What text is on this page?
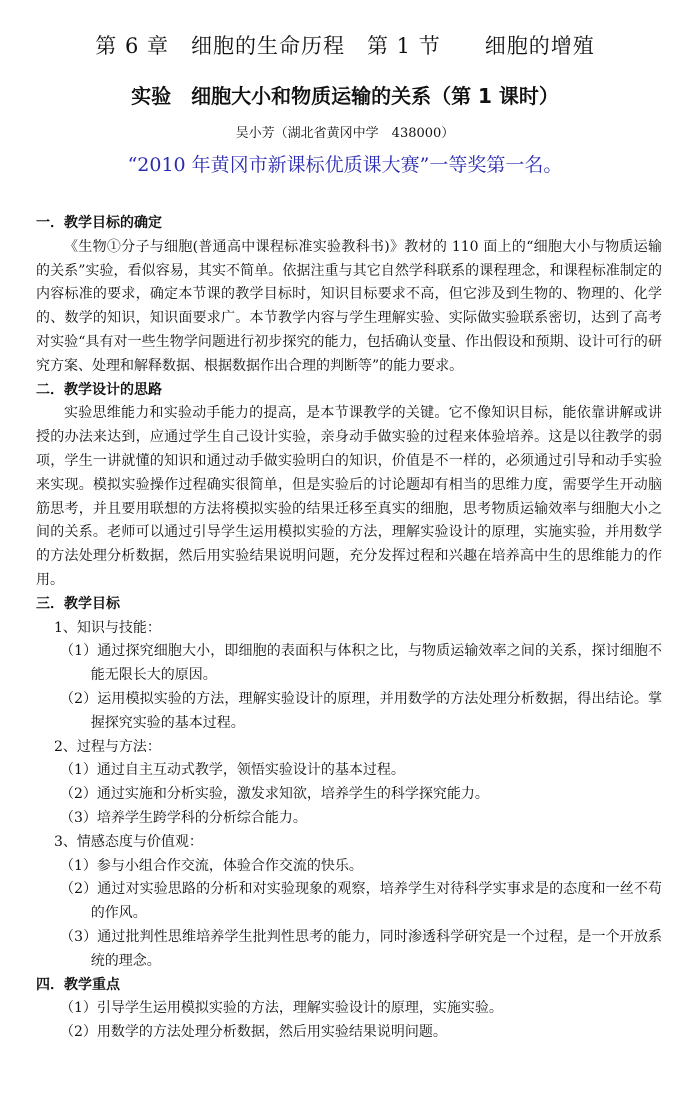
第 6 章　细胞的生命历程　第 1 节　　细胞的增殖
实验　细胞大小和物质运输的关系（第 1 课时）
吴小芳（湖北省黄冈中学　438000）
“2010 年黄冈市新课标优质课大赛”一等奖第一名。

一．教学目标的确定

《生物①分子与细胞(普通高中课程标准实验教科书)》教材的 110 面上的“细胞大小与物质运输的关系”实验，看似容易，其实不简单。依据注重与其它自然学科联系的课程理念，和课程标准制定的内容标准的要求，确定本节课的教学目标时，知识目标要求不高，但它涉及到生物的、物理的、化学的、数学的知识，知识面要求广。本节教学内容与学生理解实验、实际做实验联系密切，达到了高考对实验“具有对一些生物学问题进行初步探究的能力，包括确认变量、作出假设和预期、设计可行的研究方案、处理和解释数据、根据数据作出合理的判断等”的能力要求。

二．教学设计的思路

实验思维能力和实验动手能力的提高，是本节课教学的关键。它不像知识目标，能依靠讲解或讲授的办法来达到，应通过学生自己设计实验，亲身动手做实验的过程来体验培养。这是以往教学的弱项，学生一讲就懂的知识和通过动手做实验明白的知识，价值是不一样的，必须通过引导和动手实验来实现。模拟实验操作过程确实很简单，但是实验后的讨论题却有相当的思维力度，需要学生开动脑筋思考，并且要用联想的方法将模拟实验的结果迁移至真实的细胞，思考物质运输效率与细胞大小之间的关系。老师可以通过引导学生运用模拟实验的方法，理解实验设计的原理，实施实验，并用数学的方法处理分析数据，然后用实验结果说明问题，充分发挥过程和兴趣在培养高中生的思维能力的作用。

三．教学目标

1、知识与技能：

（1）通过探究细胞大小，即细胞的表面积与体积之比，与物质运输效率之间的关系，探讨细胞不能无限长大的原因。

（2）运用模拟实验的方法，理解实验设计的原理，并用数学的方法处理分析数据，得出结论。掌握探究实验的基本过程。

2、过程与方法：

（1）通过自主互动式教学，领悟实验设计的基本过程。

（2）通过实施和分析实验，激发求知欲，培养学生的科学探究能力。

（3）培养学生跨学科的分析综合能力。

3、情感态度与价值观：

（1）参与小组合作交流，体验合作交流的快乐。

（2）通过对实验思路的分析和对实验现象的观察，培养学生对待科学实事求是的态度和一丝不苟的作风。

（3）通过批判性思维培养学生批判性思考的能力，同时渗透科学研究是一个过程，是一个开放系统的理念。

四．教学重点

（1）引导学生运用模拟实验的方法，理解实验设计的原理，实施实验。

（2）用数学的方法处理分析数据，然后用实验结果说明问题。
